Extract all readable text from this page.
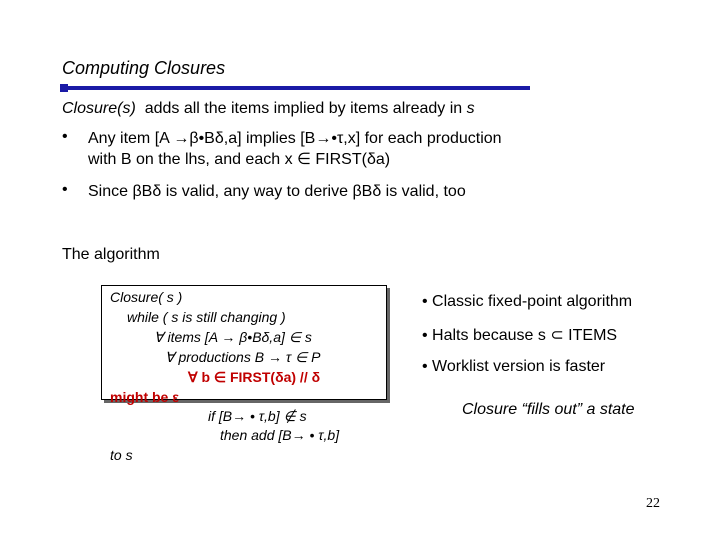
Computing Closures
Closure(s) adds all the items implied by items already in s
• Any item [A →β•Bδ,a] implies [B→•τ,x] for each production
with B on the lhs, and each x ∈ FIRST(δa)
• Since βBδ is valid, any way to derive βBδ is valid, too
The algorithm
Closure( s )
while ( s is still changing )
∀ items [A → β•Bδ,a] ∈ s
∀ productions B → τ ∈ P
∀ b ∈ FIRST(δa) // δ
might be ε
if [B→ • τ,b] ∉ s
then add [B→ • τ,b]
to s
• Classic fixed-point algorithm
• Halts because s ⊂ ITEMS
• Worklist version is faster
Closure “fills out” a state
22
